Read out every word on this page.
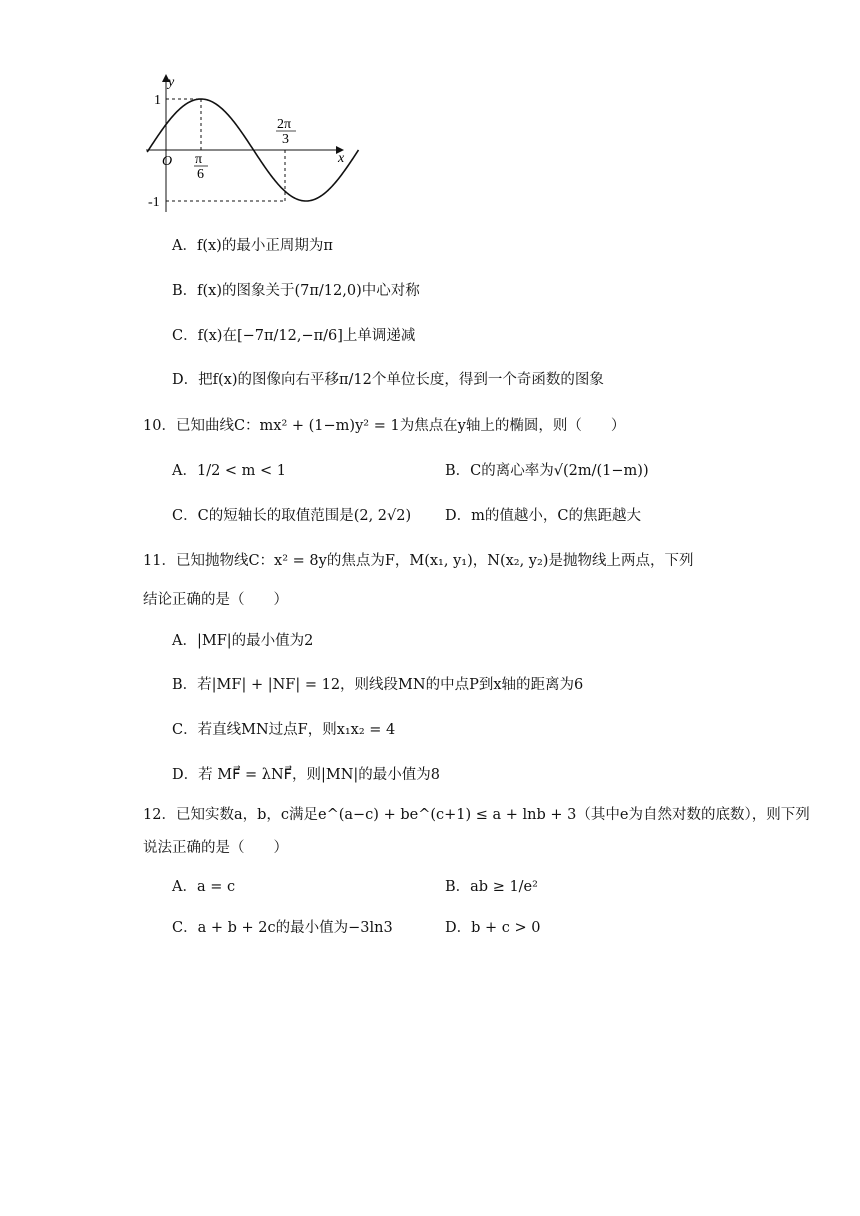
y
x
O
1
-1
π
6
2π
3
A．f(x)的最小正周期为π
B．f(x)的图象关于(7π/12,0)中心对称
C．f(x)在[−7π/12,−π/6]上单调递减
D．把f(x)的图像向右平移π/12个单位长度，得到一个奇函数的图象
10．已知曲线C：mx² + (1−m)y² = 1为焦点在y轴上的椭圆，则（　　）
A．1/2 < m < 1	B．C的离心率为√(2m/(1−m))
C．C的短轴长的取值范围是(2, 2√2) D．m的值越小，C的焦距越大
11．已知抛物线C：x² = 8y的焦点为F，M(x₁, y₁)，N(x₂, y₂)是抛物线上两点，下列
结论正确的是（　　）
A．|MF|的最小值为2
B．若|MF| + |NF| = 12，则线段MN的中点P到x轴的距离为6
C．若直线MN过点F，则x₁x₂ = 4
D．若 MF⃗ = λNF⃗，则|MN|的最小值为8
12．已知实数a，b，c满足e^(a−c) + be^(c+1) ≤ a + lnb + 3（其中e为自然对数的底数），则下列
说法正确的是（　　）
A．a = c	B．ab ≥ 1/e²
C．a + b + 2c的最小值为−3ln3	D．b + c > 0
